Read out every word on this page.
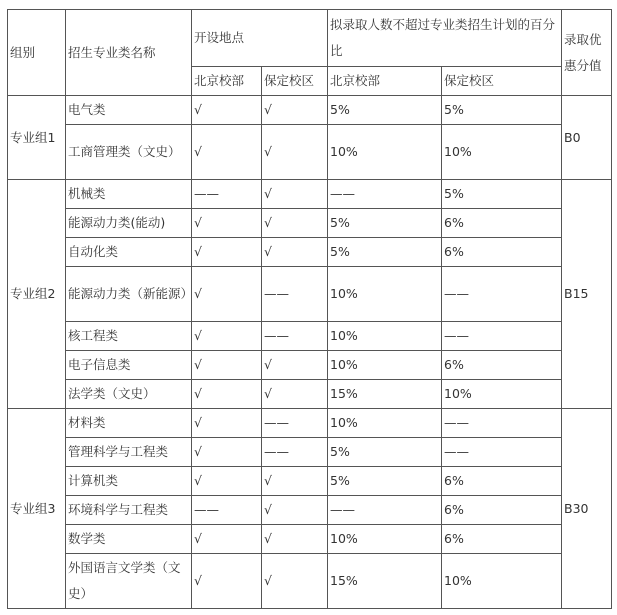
组别	招生专业类名称	开设地点		拟录取人数不超过专业类招生计划的百分比		录取优惠分值
		北京校部	保定校区	北京校部	保定校区	
专业组1	电气类	√	√	5%	5%	B0
	工商管理类（文史）	√	√	10%	10%	
专业组2	机械类	——	√	——	5%	B15
	能源动力类(能动)	√	√	5%	6%	
	自动化类	√	√	5%	6%	
	能源动力类（新能源）	√	——	10%	——	
	核工程类	√	——	10%	——	
	电子信息类	√	√	10%	6%	
	法学类（文史）	√	√	15%	10%	
专业组3	材料类	√	——	10%	——	B30
	管理科学与工程类	√	——	5%	——	
	计算机类	√	√	5%	6%	
	环境科学与工程类	——	√	——	6%	
	数学类	√	√	10%	6%	
	外国语言文学类（文史）	√	√	15%	10%	
